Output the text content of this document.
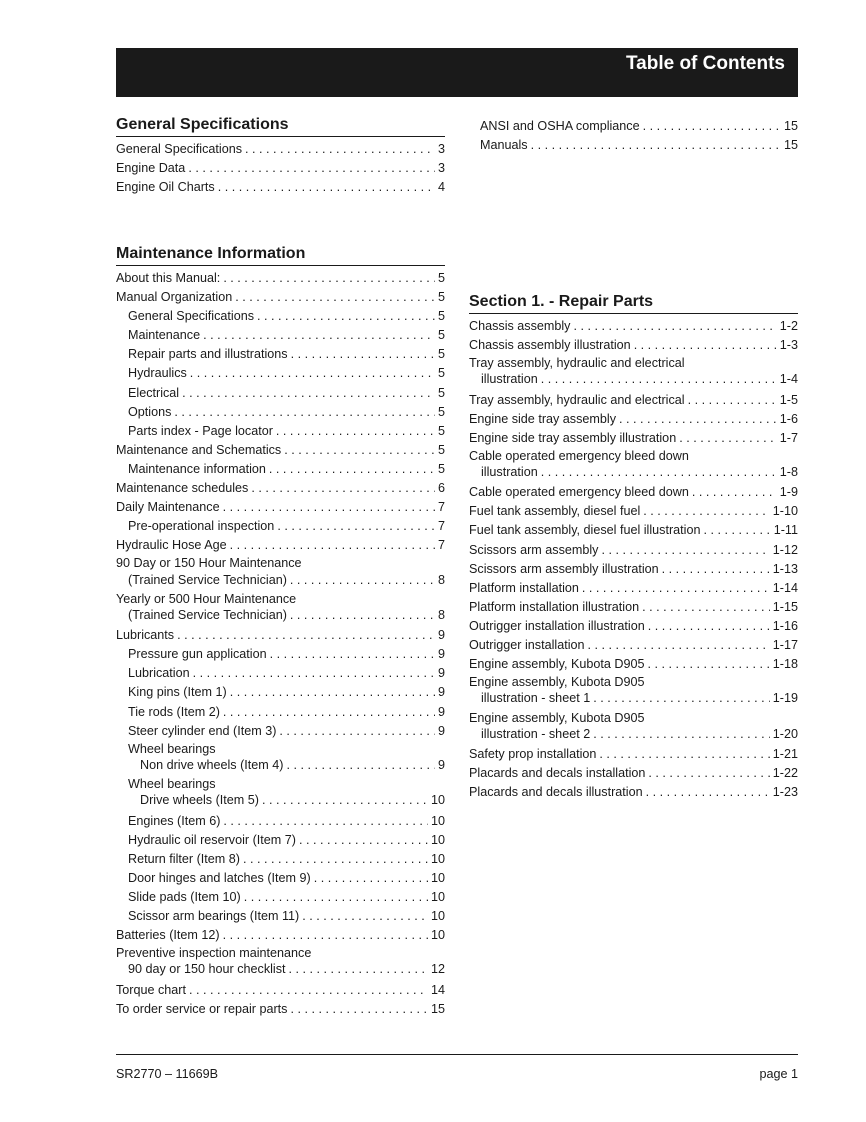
Table of Contents
General Specifications
General Specifications . . .	3
Engine Data . . .	3
Engine Oil Charts . . .	4
Maintenance Information
About this Manual: . . .	5
Manual Organization . . .	5
General Specifications . . .	5
Maintenance . . .	5
Repair parts and illustrations . . .	5
Hydraulics . . .	5
Electrical . . .	5
Options . . .	5
Parts index - Page locator . . .	5
Maintenance and Schematics . . .	5
Maintenance information . . .	5
Maintenance schedules . . .	6
Daily Maintenance . . .	7
Pre-operational inspection . . .	7
Hydraulic Hose Age . . .	7
90 Day or 150 Hour Maintenance
(Trained Service Technician) . . .	8
Yearly or 500 Hour Maintenance
(Trained Service Technician) . . .	8
Lubricants . . .	9
Pressure gun application . . .	9
Lubrication . . .	9
King pins (Item 1) . . .	9
Tie rods (Item 2) . . .	9
Steer cylinder end (Item 3) . . .	9
Wheel bearings
Non drive wheels (Item 4) . . .	9
Wheel bearings
Drive wheels (Item 5) . . .	10
Engines (Item 6) . . .	10
Hydraulic oil reservoir (Item 7) . . .	10
Return filter (Item 8) . . .	10
Door hinges and latches (Item 9) . . .	10
Slide pads (Item 10) . . .	10
Scissor arm bearings (Item 11) . . .	10
Batteries (Item 12) . . .	10
Preventive inspection maintenance
90 day or 150 hour checklist . . .	12
Torque chart . . .	14
To order service or repair parts . . .	15
ANSI and OSHA compliance . . .	15
Manuals . . .	15
Section 1. - Repair Parts
Chassis assembly . . .	1-2
Chassis assembly illustration . . .	1-3
Tray assembly, hydraulic and electrical
illustration . . .	1-4
Tray assembly, hydraulic and electrical . . .	1-5
Engine side tray assembly . . .	1-6
Engine side tray assembly illustration . . .	1-7
Cable operated emergency bleed down
illustration . . .	1-8
Cable operated emergency bleed down . . .	1-9
Fuel tank assembly, diesel fuel . . .	1-10
Fuel tank assembly, diesel fuel illustration . . .	1-11
Scissors arm assembly . . .	1-12
Scissors arm assembly illustration . . .	1-13
Platform installation . . .	1-14
Platform installation illustration . . .	1-15
Outrigger installation illustration . . .	1-16
Outrigger installation . . .	1-17
Engine assembly, Kubota D905 . . .	1-18
Engine assembly, Kubota D905
illustration - sheet 1 . . .	1-19
Engine assembly, Kubota D905
illustration - sheet 2 . . .	1-20
Safety prop installation . . .	1-21
Placards and decals installation . . .	1-22
Placards and decals illustration . . .	1-23
SR2770 – 11669B	page 1
